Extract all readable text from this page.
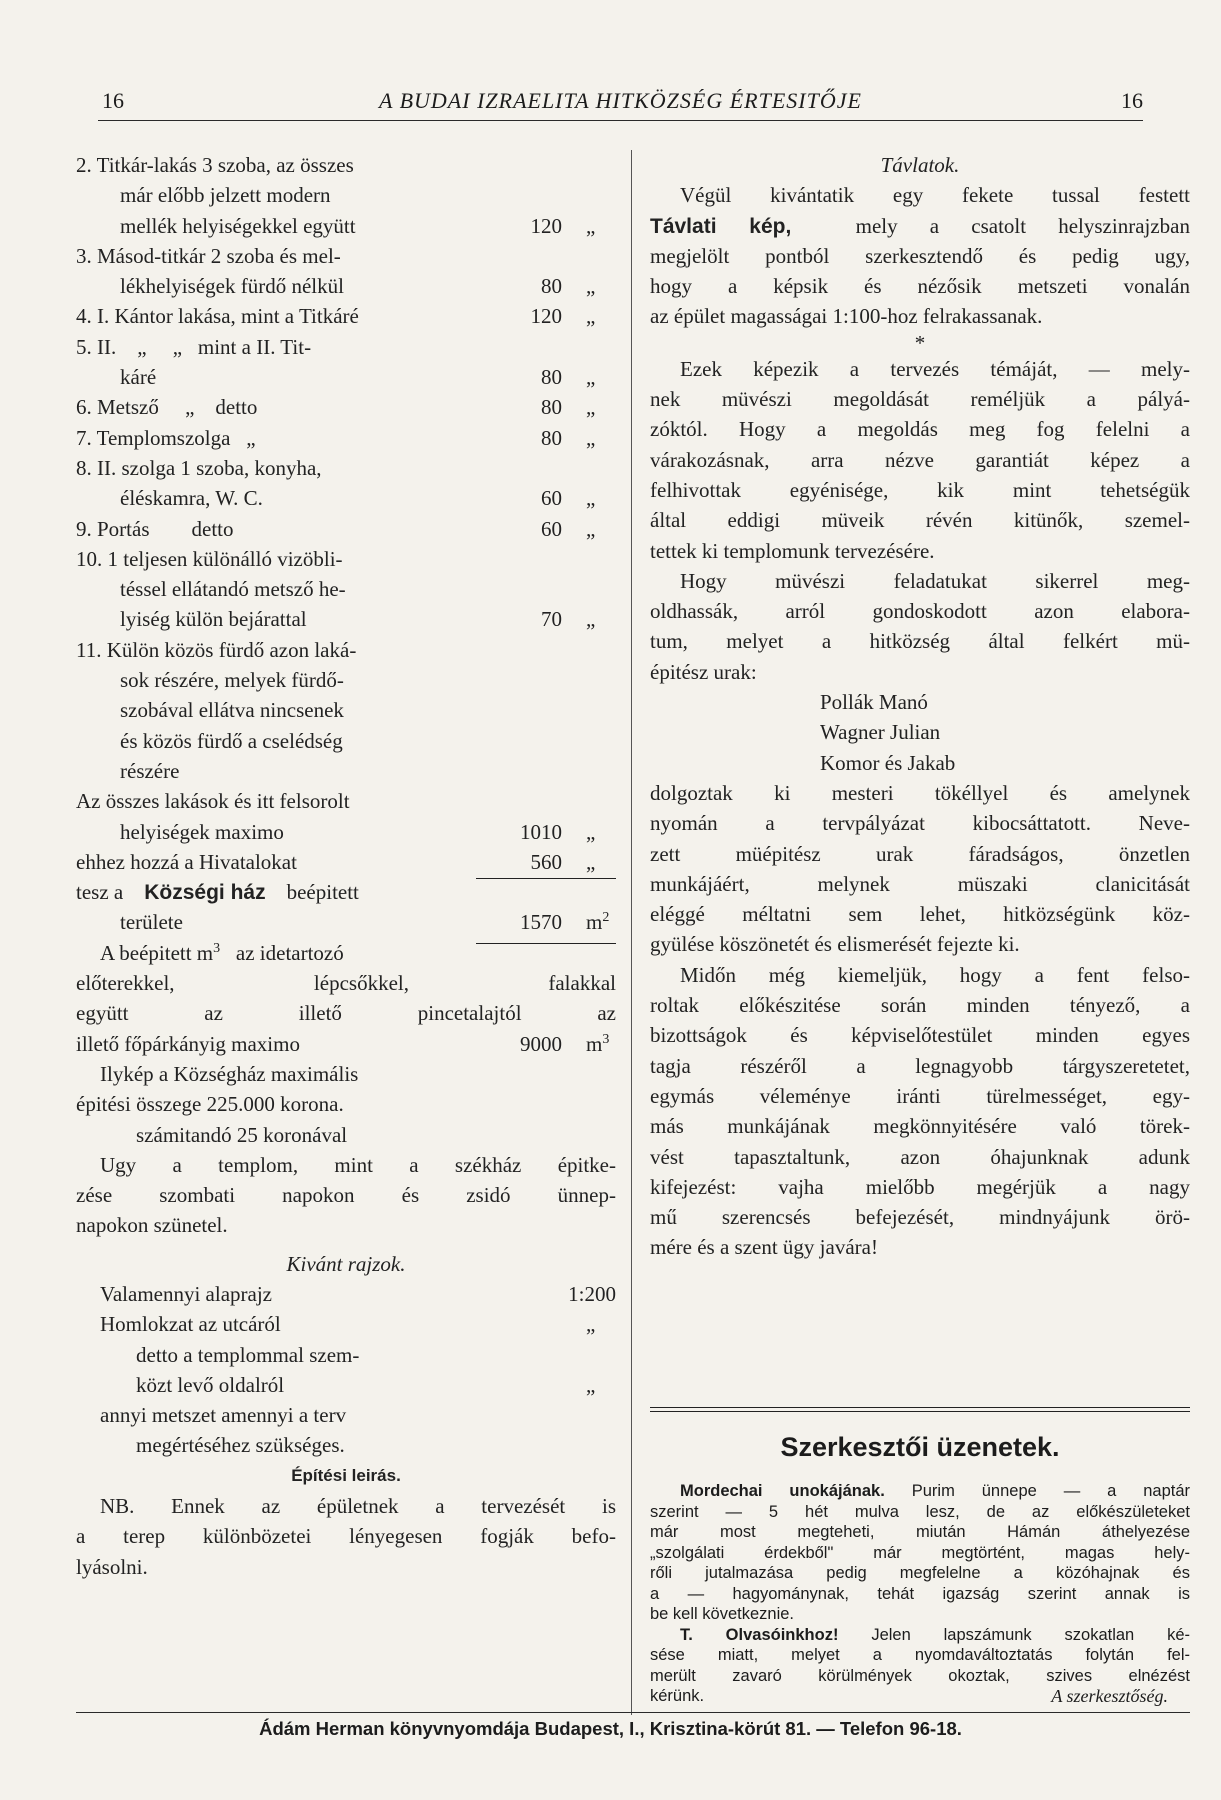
16	A BUDAI IZRAELITA HITKÖZSÉG ÉRTESITŐJE	16
2. Titkár-lakás 3 szoba, az összes
már előbb jelzett modern
mellék helyiségekkel együtt	120 „
3. Másod-titkár 2 szoba és mel-
lékhelyiségek fürdő nélkül	80 „
4. I. Kántor lakása, mint a Titkáré	120 „
5. II.    „     „   mint a II. Tit-
káré	80 „
6. Metsző     „    detto	80 „
7. Templomszolga   „	80 „
8. II. szolga 1 szoba, konyha,
éléskamra, W. C.	60 „
9. Portás        detto	60 „
10. 1 teljesen különálló vizöbli-
téssel ellátandó metsző he-
lyiség külön bejárattal	70 „
11. Külön közös fürdő azon laká-
sok részére, melyek fürdő-
szobával ellátva nincsenek
és közös fürdő a cselédség
részére
Az összes lakások és itt felsorolt
helyiségek maximo	1010 „
ehhez hozzá a Hivatalokat	560 „
tesz a Községi ház beépitett
területe	1570 $m^2$
A beépitett $m^3$ az idetartozó
előterekkel, lépcsőkkel, falakkal
együtt az illető pincetalajtól az
illető főpárkányig maximo	9000 $m^3$
Ilykép a Községház maximális
épitési összege 225.000 korona.
számitandó 25 koronával
Ugy a templom, mint a székház épitke-
zése szombati napokon és zsidó ünnep-
napokon szünetel.
Kivánt rajzok.
Valamennyi alaprajz	1:200
Homlokzat az utcáról	„
detto a templommal szem-
közt levő oldalról	„
annyi metszet amennyi a terv
megértéséhez szükséges.
Építési leirás.
NB. Ennek az épületnek a tervezését is
a terep különbözetei lényegesen fogják befo-
lyásolni.
Távlatok.
Végül kivántatik egy fekete tussal festett
Távlati kép,	mely a csatolt helyszinrajzban
megjelölt pontból szerkesztendő és pedig ugy,
hogy a képsik és nézősik metszeti vonalán
az épület magasságai 1:100-hoz felrakassanak.
*
Ezek képezik a tervezés témáját, — mely-
nek müvészi megoldását reméljük a pályá-
zóktól. Hogy a megoldás meg fog felelni a
várakozásnak, arra nézve garantiát képez a
felhivottak egyénisége, kik mint tehetségük
által eddigi müveik révén kitünők, szemel-
tettek ki templomunk tervezésére.
Hogy müvészi feladatukat sikerrel meg-
oldhassák, arról gondoskodott azon elabora-
tum, melyet a hitközség által felkért mü-
épitész urak:
Pollák Manó
Wagner Julian
Komor és Jakab
dolgoztak ki mesteri tökéllyel és amelynek
nyomán a tervpályázat kibocsáttatott. Neve-
zett müépitész urak fáradságos, önzetlen
munkájáért, melynek müszaki clanicitását
eléggé méltatni sem lehet, hitközségünk köz-
gyülése köszönetét és elismerését fejezte ki.
Midőn még kiemeljük, hogy a fent felso-
roltak előkészitése során minden tényező, a
bizottságok és képviselőtestület minden egyes
tagja részéről a legnagyobb tárgyszeretetet,
egymás véleménye iránti türelmességet, egy-
más munkájának megkönnyitésére való törek-
vést tapasztaltunk, azon óhajunknak adunk
kifejezést: vajha mielőbb megérjük a nagy
mű szerencsés befejezését, mindnyájunk örö-
mére és a szent ügy javára!
Szerkesztői üzenetek.
Mordechai unokájának. Purim ünnepe — a naptár
szerint — 5 hét mulva lesz, de az előkészületeket
már most megteheti, miután Hámán áthelyezése
„szolgálati érdekből" már megtörtént, magas hely-
rőli jutalmazása pedig megfelelne a közóhajnak és
a — hagyománynak, tehát igazság szerint annak is
be kell következnie.
T. Olvasóinkhoz! Jelen lapszámunk szokatlan ké-
sése miatt, melyet a nyomdaváltoztatás folytán fel-
merült zavaró körülmények okoztak, szives elnézést
kérünk.	A szerkesztőség.
Ádám Herman könyvnyomdája Budapest, I., Krisztina-körút 81. — Telefon 96-18.
